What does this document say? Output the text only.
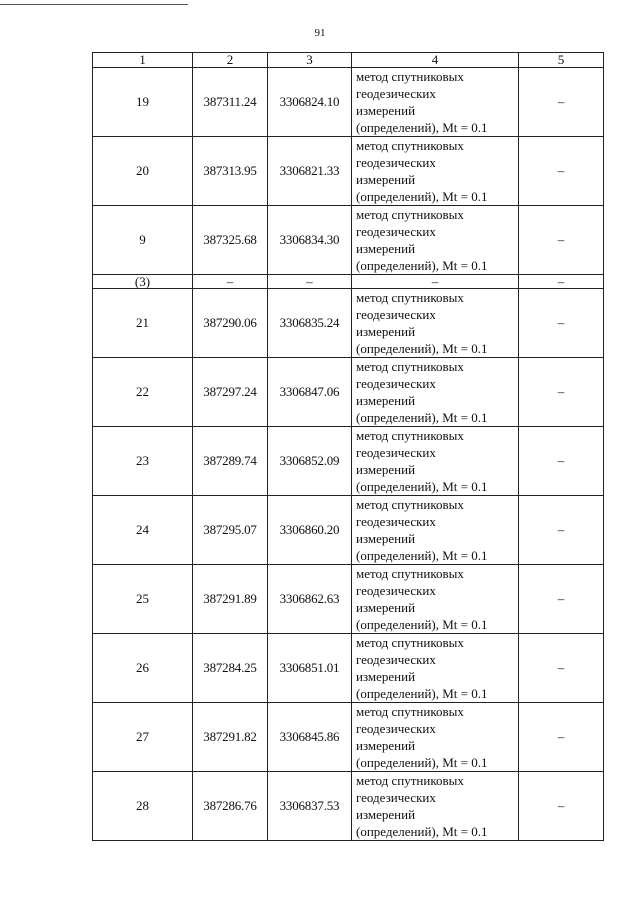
91
1	2	3	4	5
19	387311.24	3306824.10	метод спутниковых
геодезических
измерений
(определений), Mt = 0.1	–
20	387313.95	3306821.33	метод спутниковых
геодезических
измерений
(определений), Mt = 0.1	–
9	387325.68	3306834.30	метод спутниковых
геодезических
измерений
(определений), Mt = 0.1	–
(3)	–	–	–	–
21	387290.06	3306835.24	метод спутниковых
геодезических
измерений
(определений), Mt = 0.1	–
22	387297.24	3306847.06	метод спутниковых
геодезических
измерений
(определений), Mt = 0.1	–
23	387289.74	3306852.09	метод спутниковых
геодезических
измерений
(определений), Mt = 0.1	–
24	387295.07	3306860.20	метод спутниковых
геодезических
измерений
(определений), Mt = 0.1	–
25	387291.89	3306862.63	метод спутниковых
геодезических
измерений
(определений), Mt = 0.1	–
26	387284.25	3306851.01	метод спутниковых
геодезических
измерений
(определений), Mt = 0.1	–
27	387291.82	3306845.86	метод спутниковых
геодезических
измерений
(определений), Mt = 0.1	–
28	387286.76	3306837.53	метод спутниковых
геодезических
измерений
(определений), Mt = 0.1	–
